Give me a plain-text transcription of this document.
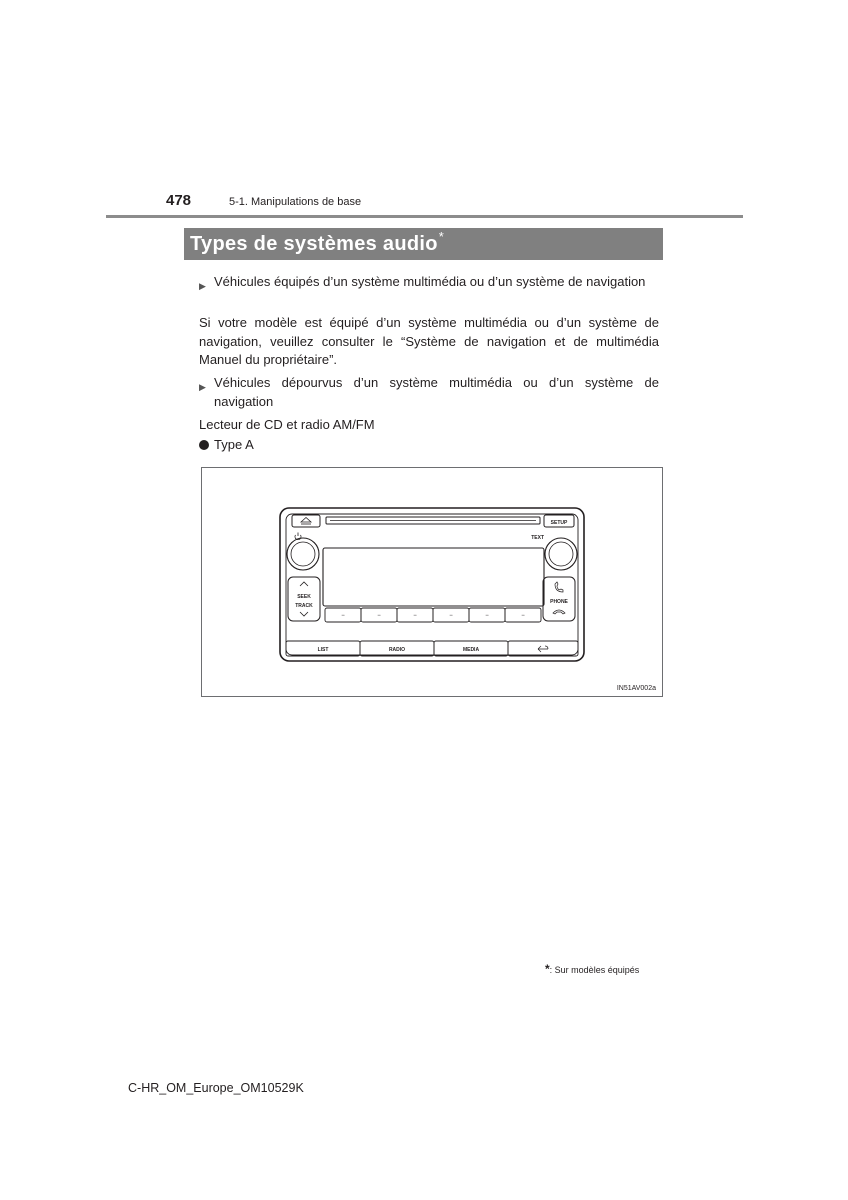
478	5-1. Manipulations de base
Types de systèmes audio*
▶ Véhicules équipés d’un système multimédia ou d’un système de navigation
Si votre modèle est équipé d’un système multimédia ou d’un système de navigation, veuillez consulter le “Système de navigation et de multimédia Manuel du propriétaire”.
▶ Véhicules dépourvus d’un système multimédia ou d’un système de navigation
Lecteur de CD et radio AM/FM
Type A
SETUP
TEXT
SEEK
TRACK
PHONE
−	−	−	−	−	−
LIST	RADIO	MEDIA
IN51AV002a
*: Sur modèles équipés
C-HR_OM_Europe_OM10529K
